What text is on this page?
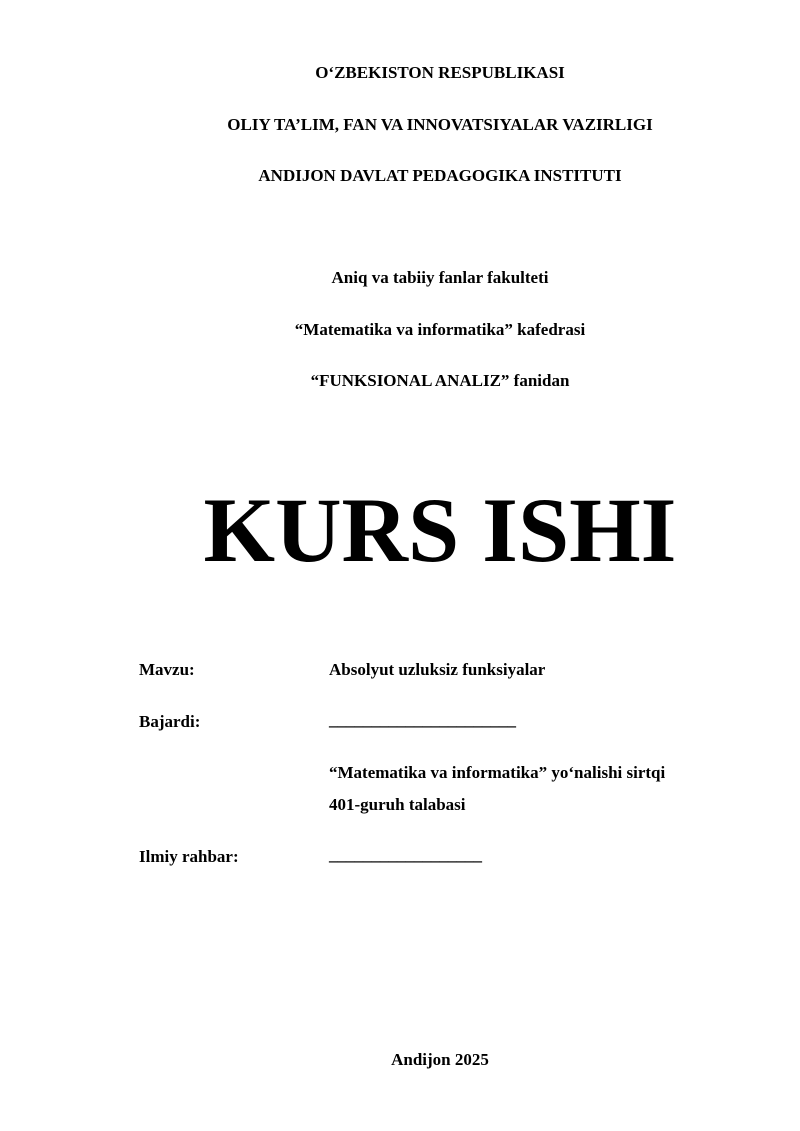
O‘ZBEKISTON RESPUBLIKASI
OLIY TA’LIM, FAN VA INNOVATSIYALAR VAZIRLIGI
ANDIJON DAVLAT PEDAGOGIKA INSTITUTI
Aniq va tabiiy fanlar fakulteti
“Matematika va informatika” kafedrasi
“FUNKSIONAL ANALIZ” fanidan
KURS ISHI
Mavzu:	Absolyut uzluksiz funksiyalar
Bajardi:	______________________
“Matematika va informatika” yo‘nalishi sirtqi
401-guruh talabasi
Ilmiy rahbar:	__________________
Andijon 2025
